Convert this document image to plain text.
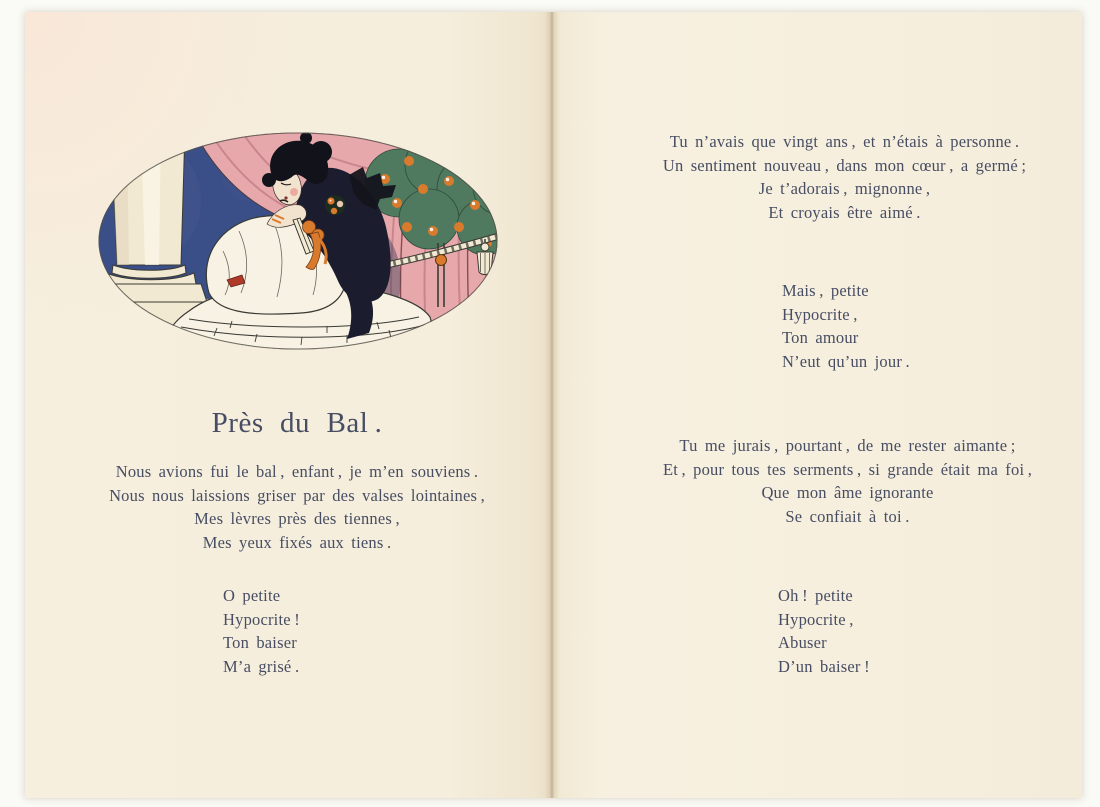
Près du Bal .
Nous avions fui le bal , enfant , je m’en souviens .
Nous nous laissions griser par des valses lointaines ,
Mes lèvres près des tiennes ,
Mes yeux fixés aux tiens .
O petite
Hypocrite !
Ton baiser
M’a grisé .
Tu n’avais que vingt ans , et n’étais à personne .
Un sentiment nouveau , dans mon cœur , a germé ;
Je t’adorais , mignonne ,
Et croyais être aimé .
Mais , petite
Hypocrite ,
Ton amour
N’eut qu’un jour .
Tu me jurais , pourtant , de me rester aimante ;
Et , pour tous tes serments , si grande était ma foi ,
Que mon âme ignorante
Se confiait à toi .
Oh ! petite
Hypocrite ,
Abuser
D’un baiser !
